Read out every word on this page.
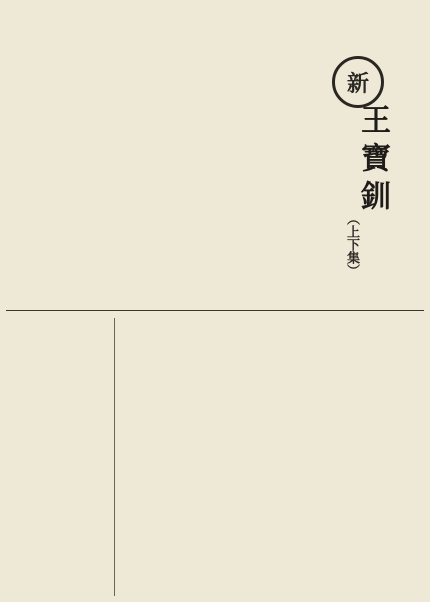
新
王寶釧
（上下集）
